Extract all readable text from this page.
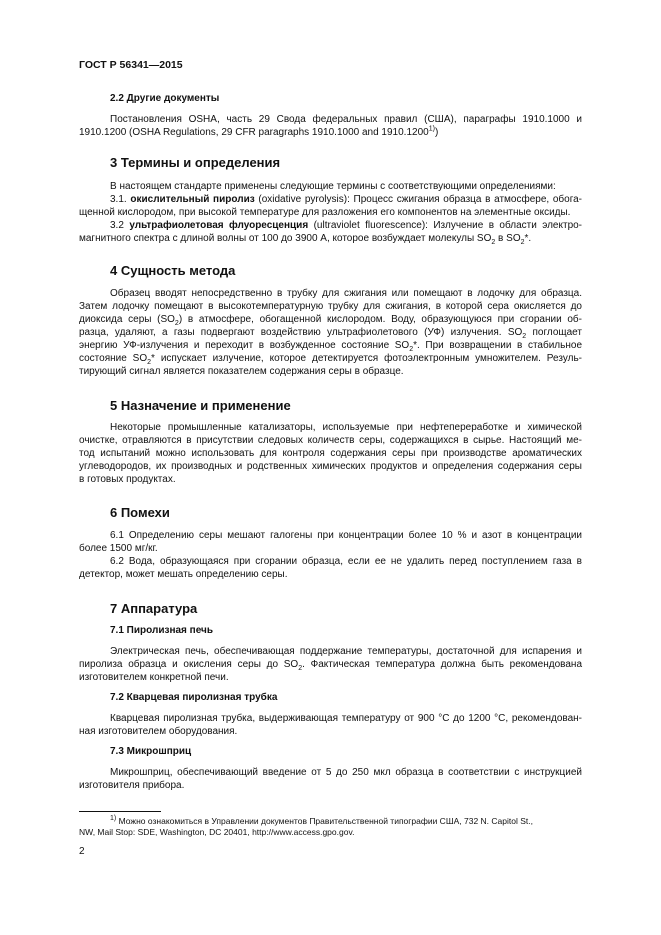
ГОСТ Р 56341—2015
2.2 Другие документы
Постановления OSHA, часть 29 Свода федеральных правил (США), параграфы 1910.1000 и
1910.1200 (OSHA Regulations, 29 CFR paragraphs 1910.1000 and 1910.1200$^{1)}$)
3 Термины и определения
В настоящем стандарте применены следующие термины с соответствующими определениями:
3.1. окислительный пиролиз (oxidative pyrolysis): Процесс сжигания образца в атмосфере, обога-
щенной кислородом, при высокой температуре для разложения его компонентов на элементные оксиды.
3.2 ультрафиолетовая флуоресценция (ultraviolet fluorescence): Излучение в области электро-
магнитного спектра с длиной волны от 100 до 3900 А, которое возбуждает молекулы $SO_2$ в $SO_2*$.
4 Сущность метода
Образец вводят непосредственно в трубку для сжигания или помещают в лодочку для образца.
Затем лодочку помещают в высокотемпературную трубку для сжигания, в которой сера окисляется до
диоксида серы $(SO_2)$ в атмосфере, обогащенной кислородом. Воду, образующуюся при сгорании об-
разца, удаляют, а газы подвергают воздействию ультрафиолетового (УФ) излучения. $SO_2$ поглощает
энергию УФ-излучения и переходит в возбужденное состояние $SO_2*$. При возвращении в стабильное
состояние $SO_2*$ испускает излучение, которое детектируется фотоэлектронным умножителем. Резуль-
тирующий сигнал является показателем содержания серы в образце.
5 Назначение и применение
Некоторые промышленные катализаторы, используемые при нефтепереработке и химической
очистке, отравляются в присутствии следовых количеств серы, содержащихся в сырье. Настоящий ме-
тод испытаний можно использовать для контроля содержания серы при производстве ароматических
углеводородов, их производных и родственных химических продуктов и определения содержания серы
в готовых продуктах.
6 Помехи
6.1 Определению серы мешают галогены при концентрации более 10 % и азот в концентрации
более 1500 мг/кг.
6.2 Вода, образующаяся при сгорании образца, если ее не удалить перед поступлением газа в
детектор, может мешать определению серы.
7 Аппаратура
7.1 Пиролизная печь
Электрическая печь, обеспечивающая поддержание температуры, достаточной для испарения и
пиролиза образца и окисления серы до $SO_2$. Фактическая температура должна быть рекомендована
изготовителем конкретной печи.
7.2 Кварцевая пиролизная трубка
Кварцевая пиролизная трубка, выдерживающая температуру от 900 °С до 1200 °С, рекомендован-
ная изготовителем оборудования.
7.3 Микрошприц
Микрошприц, обеспечивающий введение от 5 до 250 мкл образца в соответствии с инструкцией
изготовителя прибора.
$^{1)}$ Можно ознакомиться в Управлении документов Правительственной типографии США, 732 N. Capitol St.,
NW, Mail Stop: SDE, Washington, DC 20401, http://www.access.gpo.gov.
2
